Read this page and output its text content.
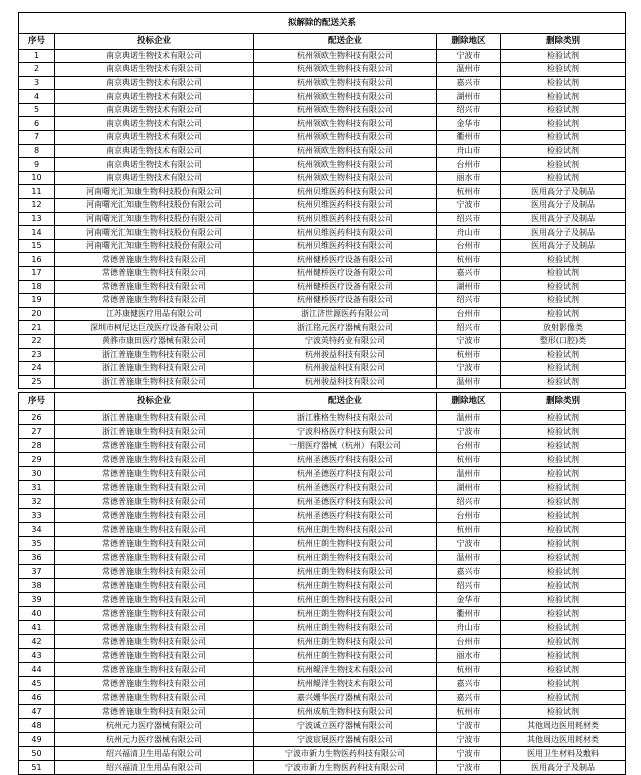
拟解除的配送关系				
序号	投标企业	配送企业	删除地区	删除类别
1	南京典诺生物技术有限公司	杭州领欧生物科技有限公司	宁波市	检验试剂
2	南京典诺生物技术有限公司	杭州领欧生物科技有限公司	温州市	检验试剂
3	南京典诺生物技术有限公司	杭州领欧生物科技有限公司	嘉兴市	检验试剂
4	南京典诺生物技术有限公司	杭州领欧生物科技有限公司	湖州市	检验试剂
5	南京典诺生物技术有限公司	杭州领欧生物科技有限公司	绍兴市	检验试剂
6	南京典诺生物技术有限公司	杭州领欧生物科技有限公司	金华市	检验试剂
7	南京典诺生物技术有限公司	杭州领欧生物科技有限公司	衢州市	检验试剂
8	南京典诺生物技术有限公司	杭州领欧生物科技有限公司	舟山市	检验试剂
9	南京典诺生物技术有限公司	杭州领欧生物科技有限公司	台州市	检验试剂
10	南京典诺生物技术有限公司	杭州领欧生物科技有限公司	丽水市	检验试剂
11	河南曙光汇知康生物科技股份有限公司	杭州贝维医药科技有限公司	杭州市	医用高分子及制品
12	河南曙光汇知康生物科技股份有限公司	杭州贝维医药科技有限公司	宁波市	医用高分子及制品
13	河南曙光汇知康生物科技股份有限公司	杭州贝维医药科技有限公司	绍兴市	医用高分子及制品
14	河南曙光汇知康生物科技股份有限公司	杭州贝维医药科技有限公司	舟山市	医用高分子及制品
15	河南曙光汇知康生物科技股份有限公司	杭州贝维医药科技有限公司	台州市	医用高分子及制品
16	常德普施康生物科技有限公司	杭州健桥医疗设备有限公司	杭州市	检验试剂
17	常德普施康生物科技有限公司	杭州健桥医疗设备有限公司	嘉兴市	检验试剂
18	常德普施康生物科技有限公司	杭州健桥医疗设备有限公司	湖州市	检验试剂
19	常德普施康生物科技有限公司	杭州健桥医疗设备有限公司	绍兴市	检验试剂
20	江苏康健医疗用品有限公司	浙江济世源医药有限公司	台州市	检验试剂
21	深圳市柯尼达巨茂医疗设备有限公司	浙江铭元医疗器械有限公司	绍兴市	放射影像类
22	黄骅市康田医疗器械有限公司	宁波英特药业有限公司	宁波市	整形(口腔)类
23	浙江普施康生物科技有限公司	杭州骏益科技有限公司	杭州市	检验试剂
24	浙江普施康生物科技有限公司	杭州骏益科技有限公司	宁波市	检验试剂
25	浙江普施康生物科技有限公司	杭州骏益科技有限公司	温州市	检验试剂
序号	投标企业	配送企业	删除地区	删除类别
26	浙江普施康生物科技有限公司	浙江雅格生物科技有限公司	温州市	检验试剂
27	浙江普施康生物科技有限公司	宁波科格医疗科技有限公司	宁波市	检验试剂
28	常德普施康生物科技有限公司	一朋医疗器械（杭州）有限公司	台州市	检验试剂
29	常德普施康生物科技有限公司	杭州圣德医疗科技有限公司	杭州市	检验试剂
30	常德普施康生物科技有限公司	杭州圣德医疗科技有限公司	温州市	检验试剂
31	常德普施康生物科技有限公司	杭州圣德医疗科技有限公司	湖州市	检验试剂
32	常德普施康生物科技有限公司	杭州圣德医疗科技有限公司	绍兴市	检验试剂
33	常德普施康生物科技有限公司	杭州圣德医疗科技有限公司	台州市	检验试剂
34	常德普施康生物科技有限公司	杭州庄朗生物科技有限公司	杭州市	检验试剂
35	常德普施康生物科技有限公司	杭州庄朗生物科技有限公司	宁波市	检验试剂
36	常德普施康生物科技有限公司	杭州庄朗生物科技有限公司	温州市	检验试剂
37	常德普施康生物科技有限公司	杭州庄朗生物科技有限公司	嘉兴市	检验试剂
38	常德普施康生物科技有限公司	杭州庄朗生物科技有限公司	绍兴市	检验试剂
39	常德普施康生物科技有限公司	杭州庄朗生物科技有限公司	金华市	检验试剂
40	常德普施康生物科技有限公司	杭州庄朗生物科技有限公司	衢州市	检验试剂
41	常德普施康生物科技有限公司	杭州庄朗生物科技有限公司	舟山市	检验试剂
42	常德普施康生物科技有限公司	杭州庄朗生物科技有限公司	台州市	检验试剂
43	常德普施康生物科技有限公司	杭州庄朗生物科技有限公司	丽水市	检验试剂
44	常德普施康生物科技有限公司	杭州鲲洋生物技术有限公司	杭州市	检验试剂
45	常德普施康生物科技有限公司	杭州鲲洋生物技术有限公司	嘉兴市	检验试剂
46	常德普施康生物科技有限公司	嘉兴姗华医疗器械有限公司	嘉兴市	检验试剂
47	常德普施康生物科技有限公司	杭州成航生物科技有限公司	杭州市	检验试剂
48	杭州元力医疗器械有限公司	宁波诚立医疗器械有限公司	宁波市	其他周边医用耗材类
49	杭州元力医疗器械有限公司	宁波宸展医疗器械有限公司	宁波市	其他周边医用耗材类
50	绍兴福清卫生用品有限公司	宁波市新力生物医药科技有限公司	宁波市	医用卫生材料及敷料
51	绍兴福清卫生用品有限公司	宁波市新力生物医药科技有限公司	宁波市	医用高分子及制品
